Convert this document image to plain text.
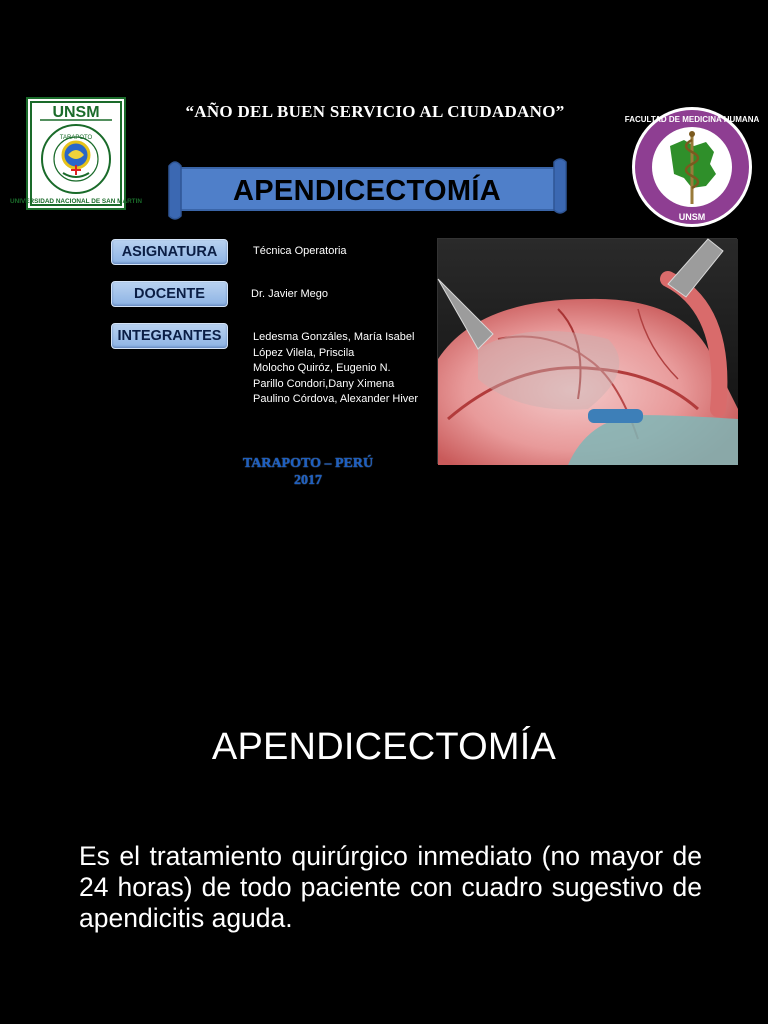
UNSM
TARAPOTO
UNIVERSIDAD NACIONAL DE SAN MARTIN
“AÑO DEL BUEN SERVICIO AL CIUDADANO”	FACULTAD DE MEDICINA HUMANA
UNSM
APENDICECTOMÍA
ASIGNATURA
DOCENTE
INTEGRANTES
Técnica Operatoria
Dr. Javier Mego
Ledesma Gonzáles, María Isabel
López Vilela, Priscila
Molocho Quiróz, Eugenio N.
Parillo Condori,Dany Ximena
Paulino Córdova, Alexander Hiver
TARAPOTO – PERÚ
2017
APENDICECTOMÍA
Es el tratamiento quirúrgico inmediato (no mayor de 24 horas) de todo paciente con cuadro sugestivo de apendicitis aguda.
